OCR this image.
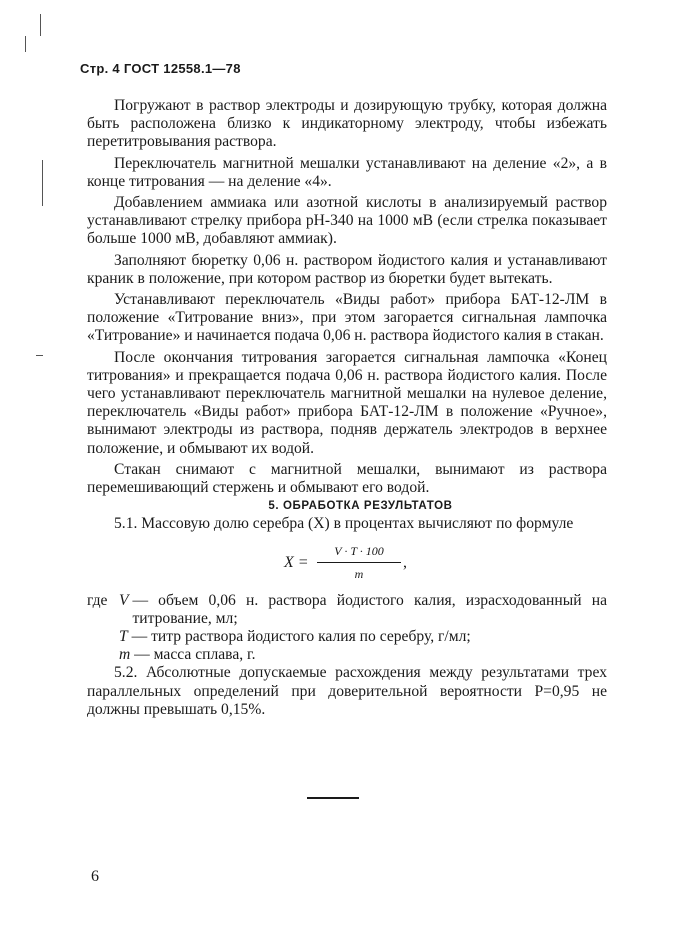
Стр. 4 ГОСТ 12558.1—78

Погружают в раствор электроды и дозирующую трубку, которая должна быть расположена близко к индикаторному электроду, чтобы избежать перетитровывания раствора.

Переключатель магнитной мешалки устанавливают на деление «2», а в конце титрования — на деление «4».

Добавлением аммиака или азотной кислоты в анализируемый раствор устанавливают стрелку прибора рН-340 на 1000 мВ (если стрелка показывает больше 1000 мВ, добавляют аммиак).

Заполняют бюретку 0,06 н. раствором йодистого калия и устанавливают краник в положение, при котором раствор из бюретки будет вытекать.

Устанавливают переключатель «Виды работ» прибора БАТ-12-ЛМ в положение «Титрование вниз», при этом загорается сигнальная лампочка «Титрование» и начинается подача 0,06 н. раствора йодистого калия в стакан.

После окончания титрования загорается сигнальная лампочка «Конец титрования» и прекращается подача 0,06 н. раствора йодистого калия. После чего устанавливают переключатель магнитной мешалки на нулевое деление, переключатель «Виды работ» прибора БАТ-12-ЛМ в положение «Ручное», вынимают электроды из раствора, подняв держатель электродов в верхнее положение, и обмывают их водой.

Стакан снимают с магнитной мешалки, вынимают из раствора перемешивающий стержень и обмывают его водой.

5. ОБРАБОТКА РЕЗУЛЬТАТОВ

5.1. Массовую долю серебра (X) в процентах вычисляют по формуле

$X = \frac{V \cdot T \cdot 100}{m}$ ,
где V — объем 0,06 н. раствора йодистого калия, израсходованный на титрование, мл;
T — титр раствора йодистого калия по серебру, г/мл;
m — масса сплава, г.

5.2. Абсолютные допускаемые расхождения между результатами трех параллельных определений при доверительной вероятности P=0,95 не должны превышать 0,15%.

6
